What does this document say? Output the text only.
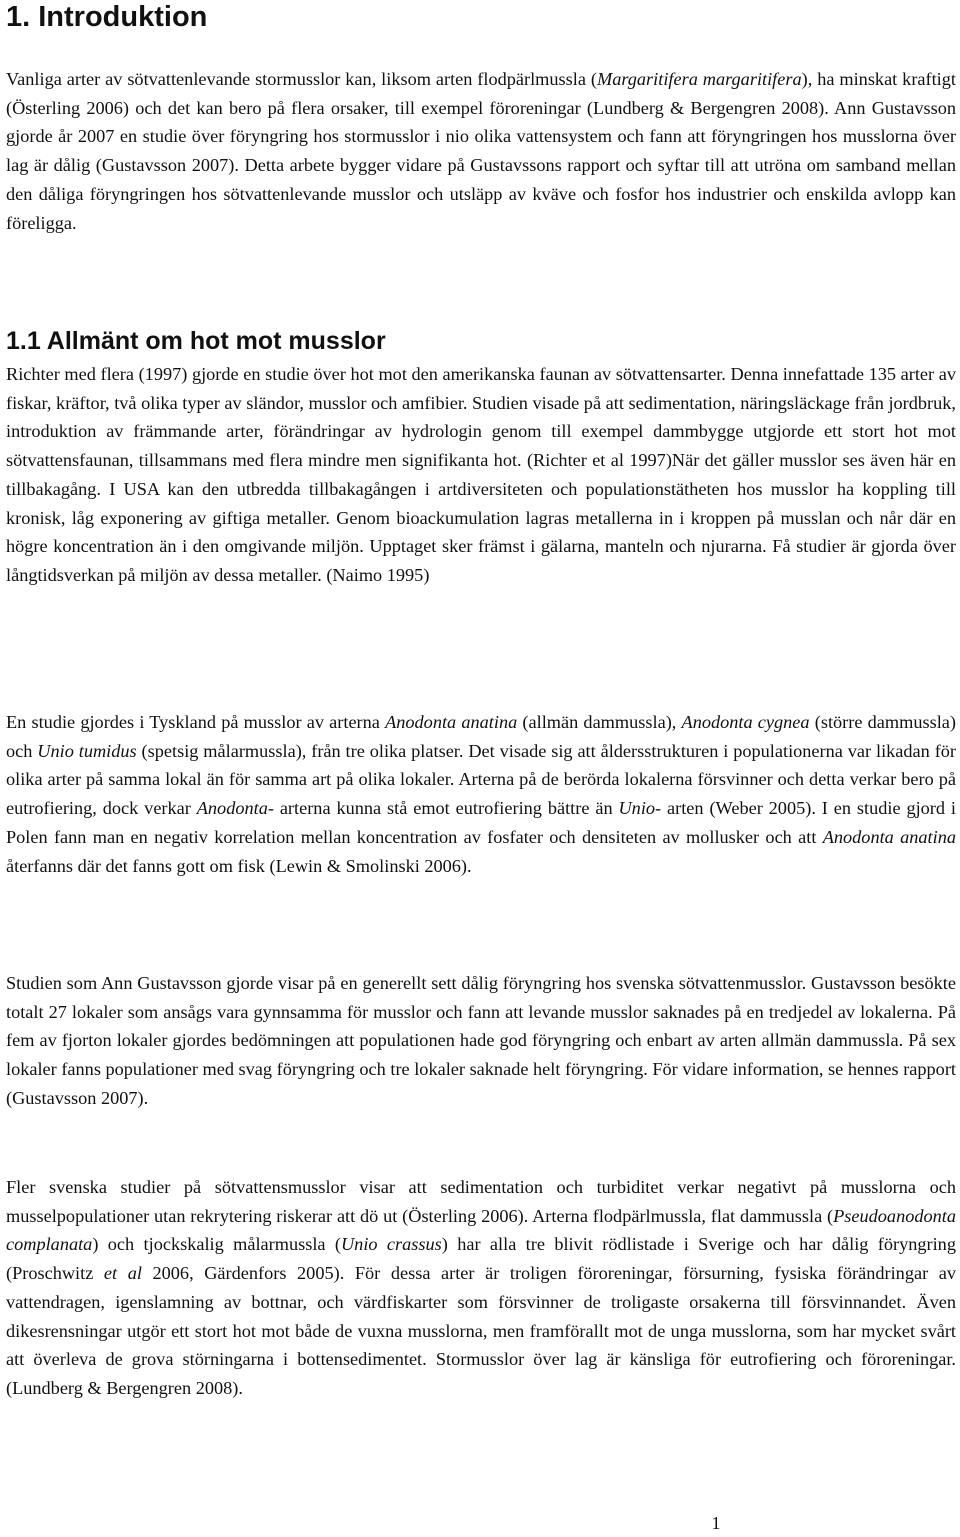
1. Introduktion

Vanliga arter av sötvattenlevande stormusslor kan, liksom arten flodpärlmussla (Margaritifera margaritifera), ha minskat kraftigt (Österling 2006) och det kan bero på flera orsaker, till exempel föroreningar (Lundberg & Bergengren 2008). Ann Gustavsson gjorde år 2007 en studie över föryngring hos stormusslor i nio olika vattensystem och fann att föryngringen hos musslorna över lag är dålig (Gustavsson 2007). Detta arbete bygger vidare på Gustavssons rapport och syftar till att utröna om samband mellan den dåliga föryngringen hos sötvattenlevande musslor och utsläpp av kväve och fosfor hos industrier och enskilda avlopp kan föreligga.

1.1 Allmänt om hot mot musslor

Richter med flera (1997) gjorde en studie över hot mot den amerikanska faunan av sötvattensarter. Denna innefattade 135 arter av fiskar, kräftor, två olika typer av sländor, musslor och amfibier. Studien visade på att sedimentation, näringsläckage från jordbruk, introduktion av främmande arter, förändringar av hydrologin genom till exempel dammbygge utgjorde ett stort hot mot sötvattensfaunan, tillsammans med flera mindre men signifikanta hot. (Richter et al 1997)När det gäller musslor ses även här en tillbakagång. I USA kan den utbredda tillbakagången i artdiversiteten och populationstätheten hos musslor ha koppling till kronisk, låg exponering av giftiga metaller. Genom bioackumulation lagras metallerna in i kroppen på musslan och når där en högre koncentration än i den omgivande miljön. Upptaget sker främst i gälarna, manteln och njurarna. Få studier är gjorda över långtidsverkan på miljön av dessa metaller. (Naimo 1995)

En studie gjordes i Tyskland på musslor av arterna Anodonta anatina (allmän dammussla), Anodonta cygnea (större dammussla) och Unio tumidus (spetsig målarmussla), från tre olika platser. Det visade sig att åldersstrukturen i populationerna var likadan för olika arter på samma lokal än för samma art på olika lokaler. Arterna på de berörda lokalerna försvinner och detta verkar bero på eutrofiering, dock verkar Anodonta- arterna kunna stå emot eutrofiering bättre än Unio- arten (Weber 2005). I en studie gjord i Polen fann man en negativ korrelation mellan koncentration av fosfater och densiteten av mollusker och att Anodonta anatina återfanns där det fanns gott om fisk (Lewin & Smolinski 2006).

Studien som Ann Gustavsson gjorde visar på en generellt sett dålig föryngring hos svenska sötvattenmusslor. Gustavsson besökte totalt 27 lokaler som ansågs vara gynnsamma för musslor och fann att levande musslor saknades på en tredjedel av lokalerna. På fem av fjorton lokaler gjordes bedömningen att populationen hade god föryngring och enbart av arten allmän dammussla. På sex lokaler fanns populationer med svag föryngring och tre lokaler saknade helt föryngring. För vidare information, se hennes rapport (Gustavsson 2007).

Fler svenska studier på sötvattensmusslor visar att sedimentation och turbiditet verkar negativt på musslorna och musselpopulationer utan rekrytering riskerar att dö ut (Österling 2006). Arterna flodpärlmussla, flat dammussla (Pseudoanodonta complanata) och tjockskalig målarmussla (Unio crassus) har alla tre blivit rödlistade i Sverige och har dålig föryngring (Proschwitz et al 2006, Gärdenfors 2005). För dessa arter är troligen föroreningar, försurning, fysiska förändringar av vattendragen, igenslamning av bottnar, och värdfiskarter som försvinner de troligaste orsakerna till försvinnandet. Även dikesrensningar utgör ett stort hot mot både de vuxna musslorna, men framförallt mot de unga musslorna, som har mycket svårt att överleva de grova störningarna i bottensedimentet. Stormusslor över lag är känsliga för eutrofiering och föroreningar. (Lundberg & Bergengren 2008).

1
